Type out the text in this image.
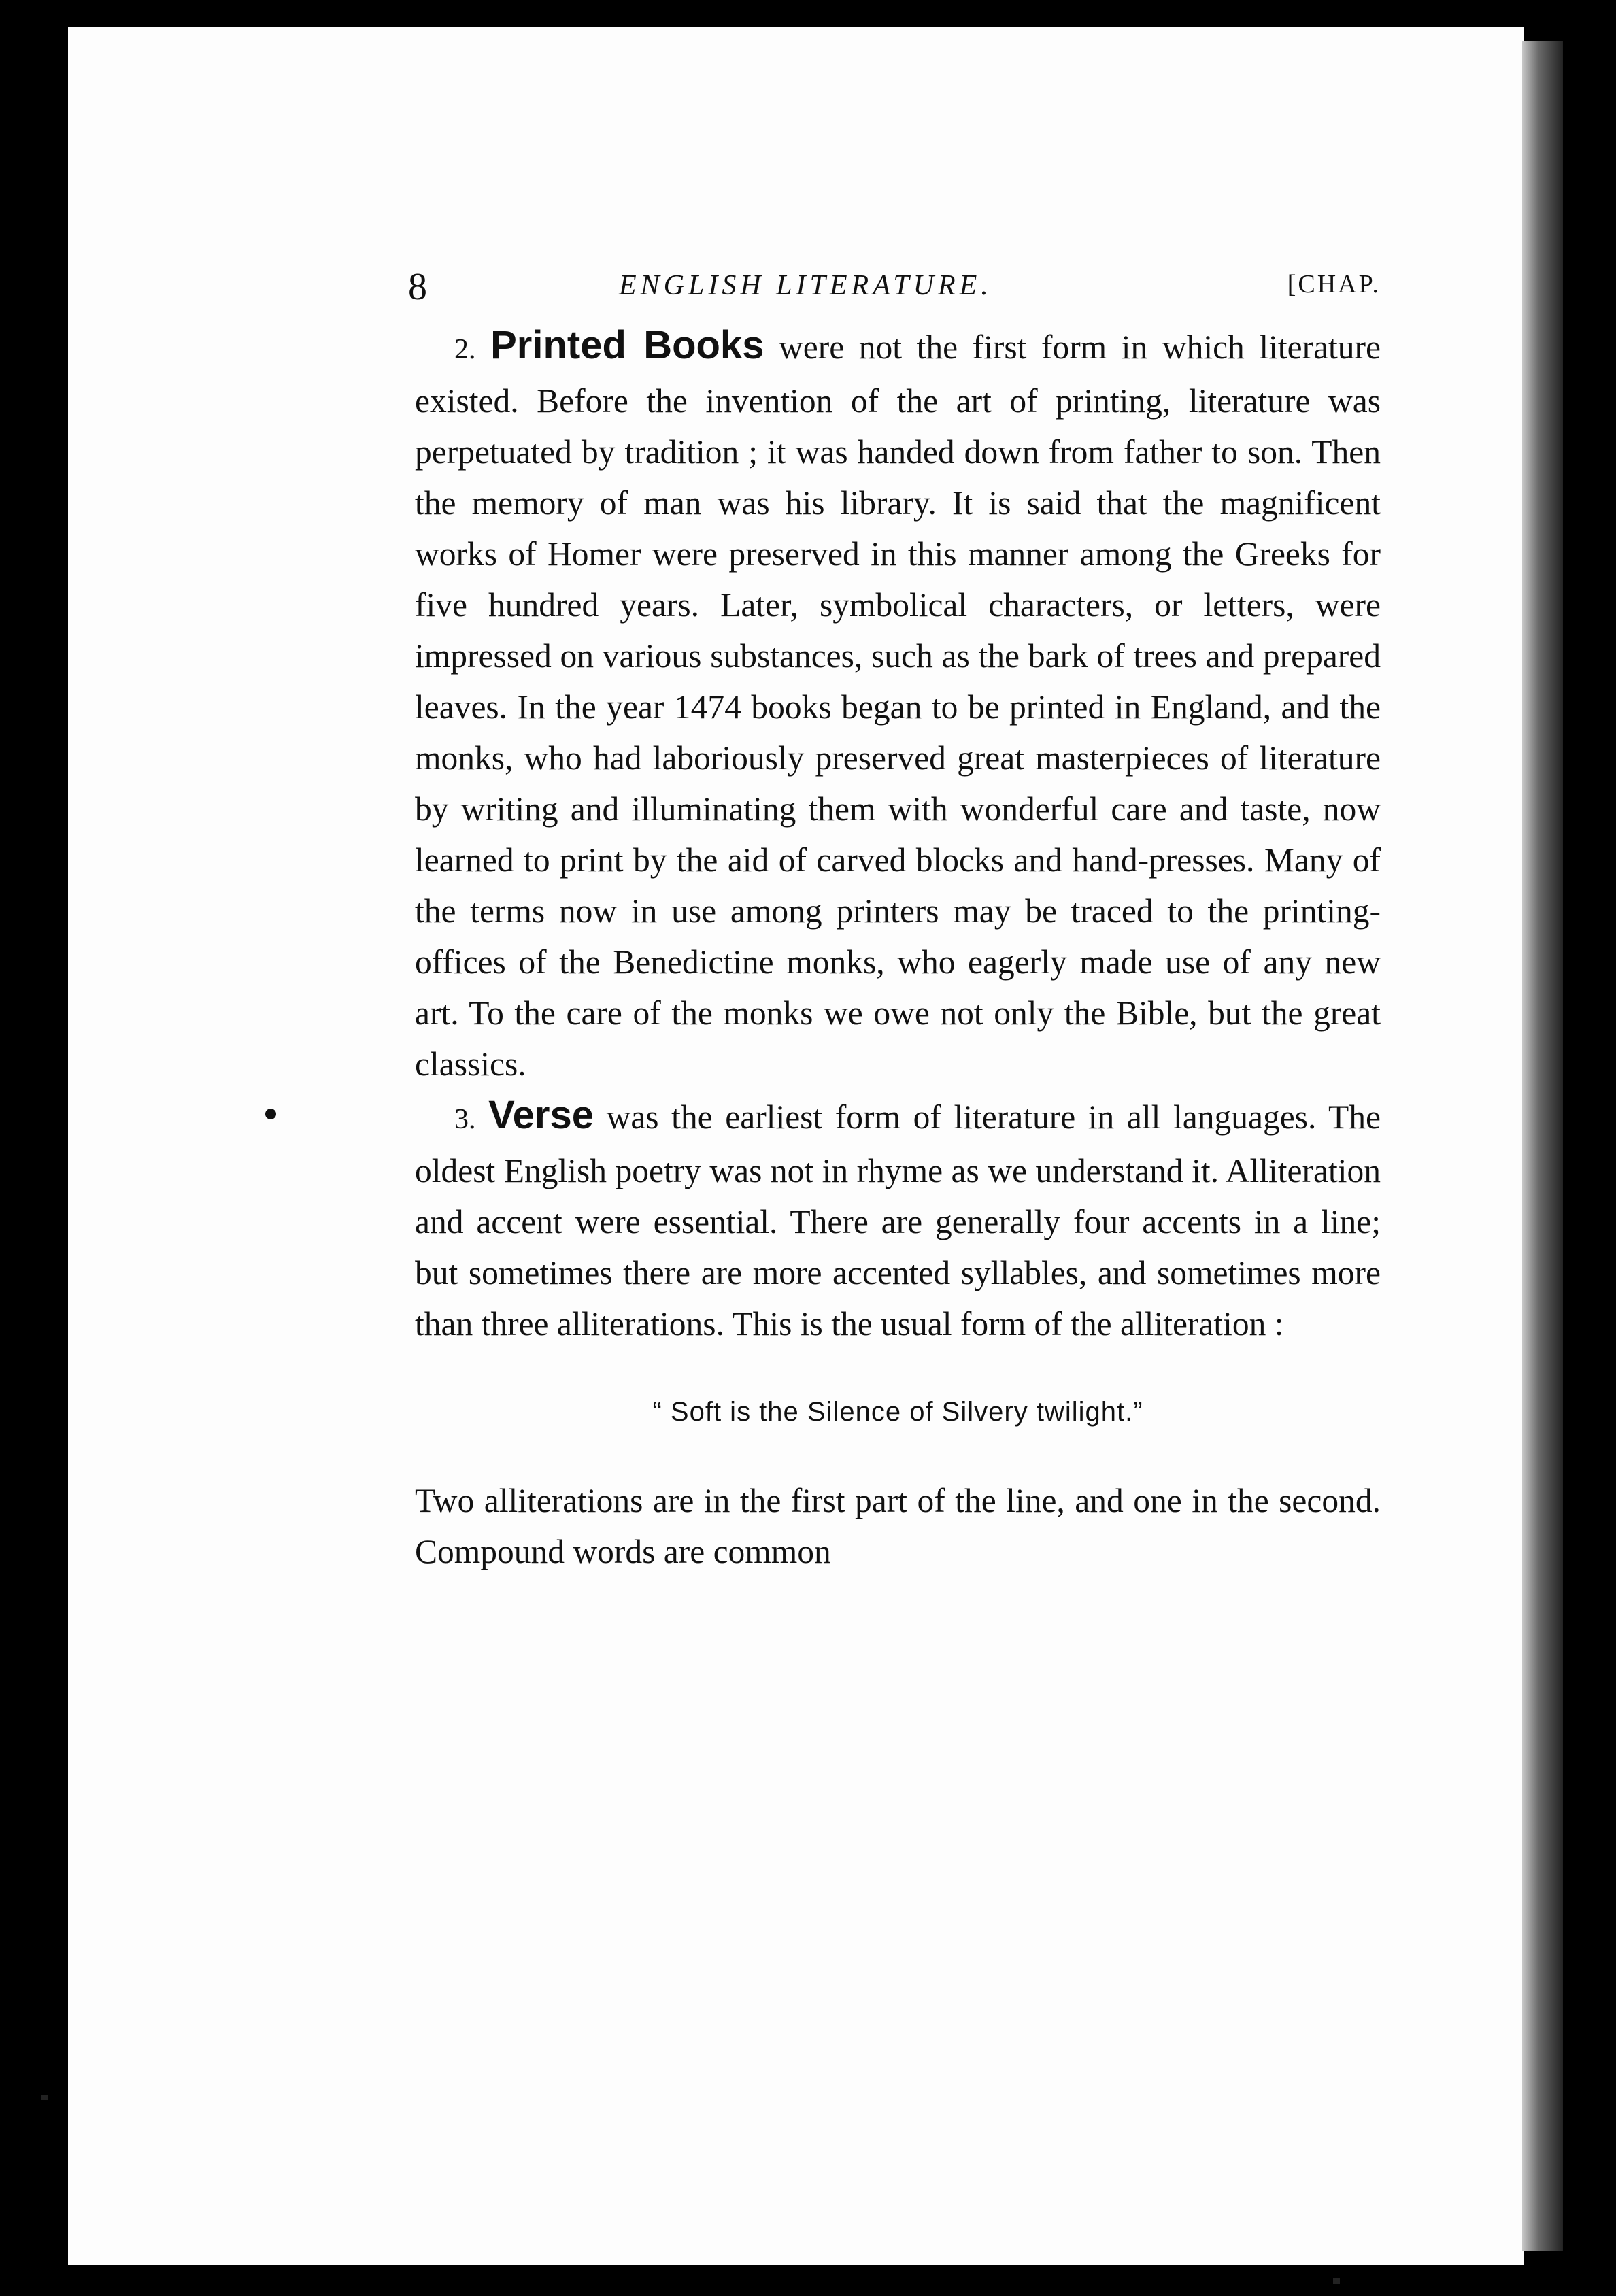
8	ENGLISH LITERATURE.	[CHAP.

2. Printed Books were not the first form in which literature existed. Before the invention of the art of printing, literature was perpetuated by tradition ; it was handed down from father to son. Then the memory of man was his library. It is said that the magnificent works of Homer were preserved in this manner among the Greeks for five hundred years. Later, symbolical characters, or letters, were impressed on various substances, such as the bark of trees and prepared leaves. In the year 1474 books began to be printed in England, and the monks, who had laboriously preserved great masterpieces of literature by writing and illuminating them with wonderful care and taste, now learned to print by the aid of carved blocks and hand-presses. Many of the terms now in use among printers may be traced to the printing-offices of the Benedictine monks, who eagerly made use of any new art. To the care of the monks we owe not only the Bible, but the great classics.

3. Verse was the earliest form of literature in all languages. The oldest English poetry was not in rhyme as we understand it. Alliteration and accent were essential. There are generally four accents in a line; but sometimes there are more accented syllables, and sometimes more than three alliterations. This is the usual form of the alliteration :

“ Soft is the Silence of Silvery twilight.”

Two alliterations are in the first part of the line, and one in the second. Compound words are common
